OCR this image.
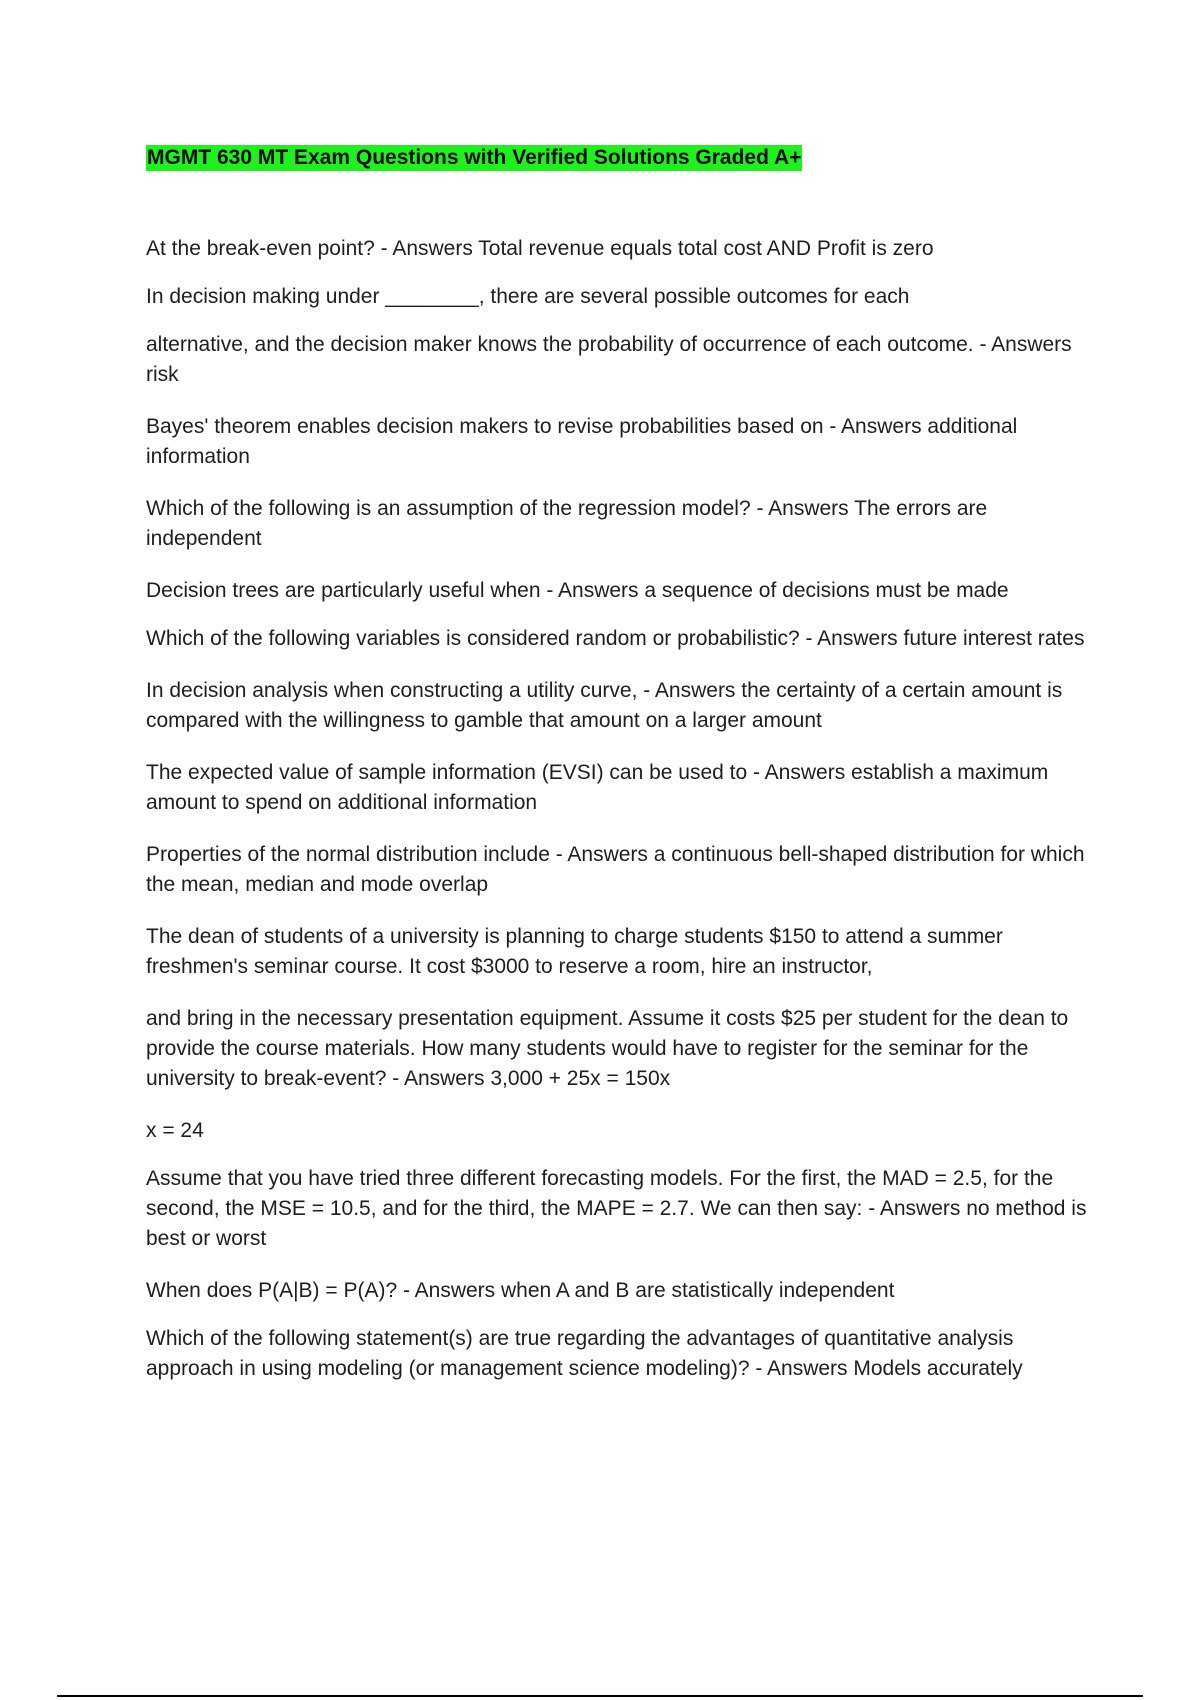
MGMT 630 MT Exam Questions with Verified Solutions Graded A+

At the break-even point? - Answers Total revenue equals total cost AND Profit is zero

In decision making under ________, there are several possible outcomes for each

alternative, and the decision maker knows the probability of occurrence of each outcome. - Answers risk

Bayes' theorem enables decision makers to revise probabilities based on - Answers additional information

Which of the following is an assumption of the regression model? - Answers The errors are independent

Decision trees are particularly useful when - Answers a sequence of decisions must be made

Which of the following variables is considered random or probabilistic? - Answers future interest rates

In decision analysis when constructing a utility curve, - Answers the certainty of a certain amount is compared with the willingness to gamble that amount on a larger amount

The expected value of sample information (EVSI) can be used to - Answers establish a maximum amount to spend on additional information

Properties of the normal distribution include - Answers a continuous bell-shaped distribution for which the mean, median and mode overlap

The dean of students of a university is planning to charge students $150 to attend a summer freshmen's seminar course. It cost $3000 to reserve a room, hire an instructor,

and bring in the necessary presentation equipment. Assume it costs $25 per student for the dean to provide the course materials. How many students would have to register for the seminar for the university to break-event? - Answers 3,000 + 25x = 150x

x = 24

Assume that you have tried three different forecasting models. For the first, the MAD = 2.5, for the second, the MSE = 10.5, and for the third, the MAPE = 2.7. We can then say: - Answers no method is best or worst

When does P(A|B) = P(A)? - Answers when A and B are statistically independent

Which of the following statement(s) are true regarding the advantages of quantitative analysis approach in using modeling (or management science modeling)? - Answers Models accurately
